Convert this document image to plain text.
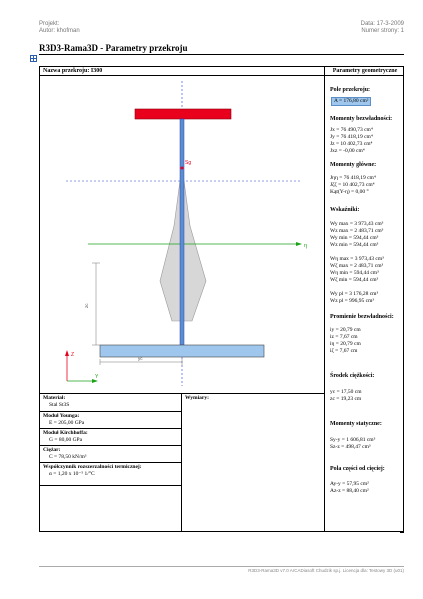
Projekt:
Autor: khofman
Data: 17-3-2009
Numer strony: 1
R3D3-Rama3D - Parametry przekroju
Nazwa przekroju: I300	Parametry geometryczne
Sg
η
zc
yc
Z
Y
Materiał:
Stal St3S
Moduł Younga:
E = 205,00 GPa
Moduł Kirchhoffa:
G = 80,00 GPa
Ciężar:
C = 78,50 kN/m³
Współczynnik rozszerzalności termicznej:
α = 1,20 x 10⁻⁵ 1/°C
Wymiary:
Pole przekroju:
A = 176,80 cm²
Momenty bezwładności:
Jx = 76 490,73 cm⁴
Jy = 76 418,19 cm⁴
Jz = 10 402,73 cm⁴
Jxz = -0,00 cm⁴
Momenty główne:
Jηη = 76 418,19 cm⁴
Jζζ = 10 402,73 cm⁴
Kąt(Y-η) = 0,00 °
Wskaźniki:
Wy max = 3 973,43 cm³
Wz max = 2 483,71 cm³
Wy min = 594,44 cm³
Wz min = 594,44 cm³
Wη max = 3 973,43 cm³
Wζ max = 2 483,71 cm³
Wη min = 594,44 cm³
Wζ min = 594,44 cm³
Wy pl = 3 176,28 cm³
Wz pl = 996,95 cm³
Promienie bezwładności:
iy = 20,79 cm
iz = 7,67 cm
iη = 20,79 cm
iζ = 7,67 cm
Środek ciężkości:
yc = 17,50 cm
zc = 19,23 cm
Momenty statyczne:
Sy-y = 1 606,81 cm³
Sz-z = 498,47 cm³
Pola części od cięciej:
Ay-y = 57,95 cm²
Az-z = 88,40 cm²
R3D3-Rama3D v7.0 ArCADiasoft Chudzik sp.j. Licencja dla: Testowy 3D (u01)
